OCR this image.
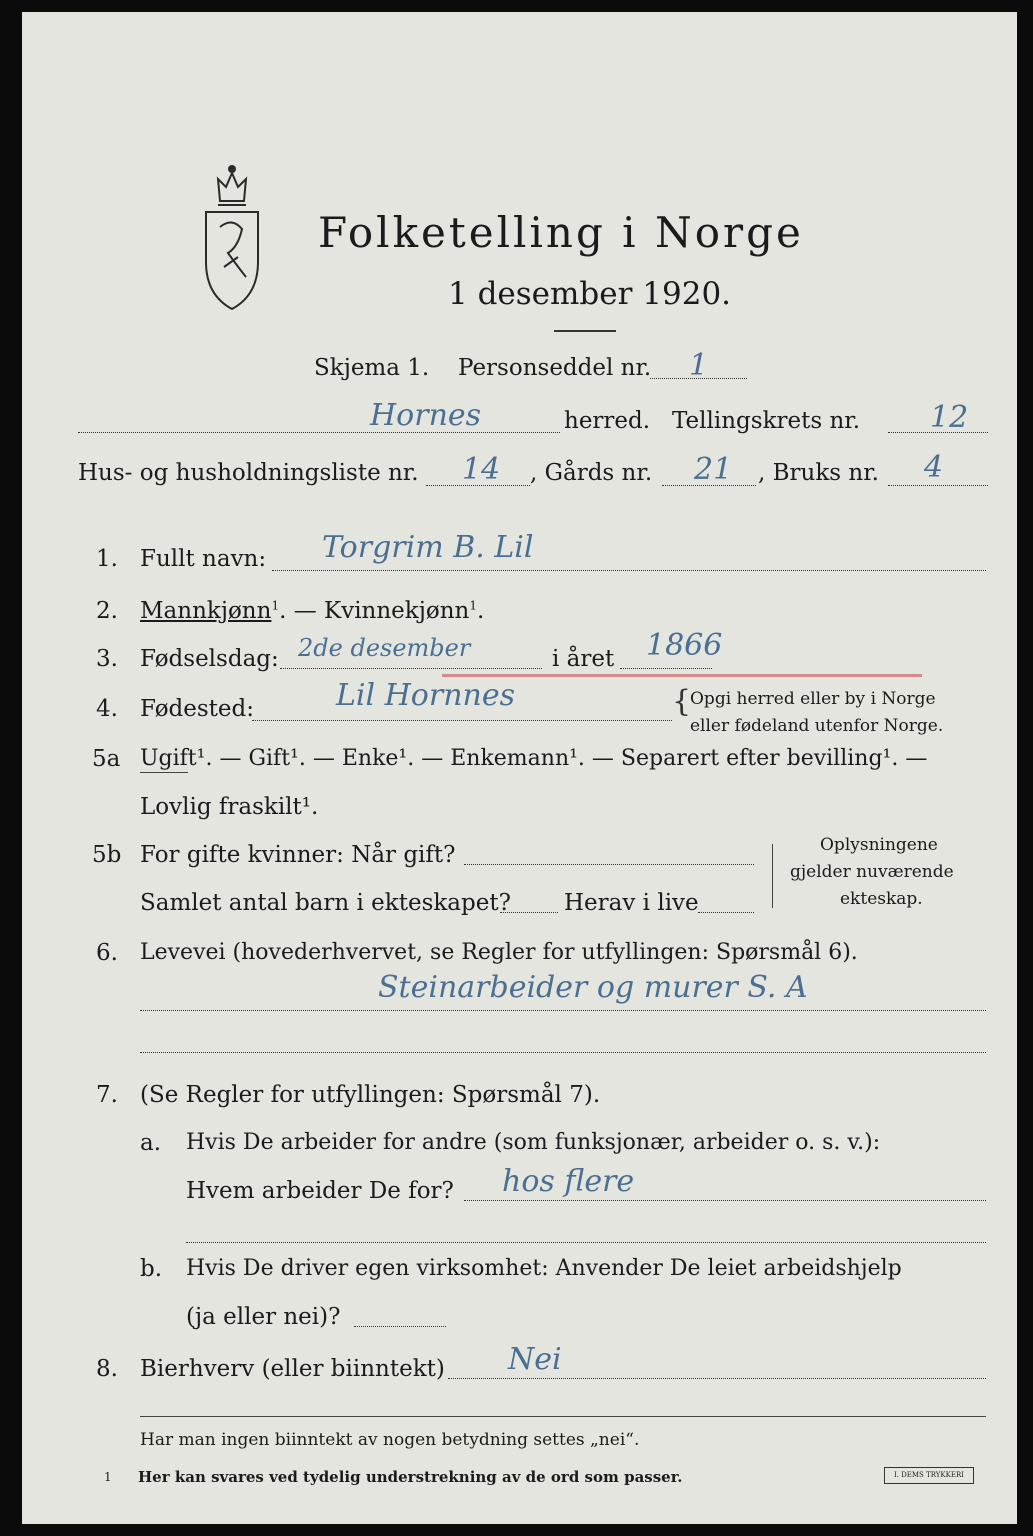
Folketelling i Norge
1 desember 1920.
Skjema 1. Personseddel nr. 1
Hornes	herred. Tellingskrets nr. 12
Hus- og husholdningsliste nr. 14 , Gårds nr. 21 , Bruks nr. 4
1. Fullt navn: Torgrim B. Lil
2. Mannkjønn$^1$. — Kvinnekjønn$^1$.
3. Fødselsdag: 2de desember	i året 1866
4. Fødested:	Lil Hornnes	{
Opgi herred eller by i Norge
eller fødeland utenfor Norge.
5a Ugift¹. — Gift¹. — Enke¹. — Enkemann¹. — Separert efter bevilling¹. —
Lovlig fraskilt¹.
5b For gifte kvinner: Når gift?
Samlet antal barn i ekteskapet? Herav i live
Oplysningene
gjelder nuværende
ekteskap.
6. Levevei (hovederhvervet, se Regler for utfyllingen: Spørsmål 6).
Steinarbeider og murer S. A
7. (Se Regler for utfyllingen: Spørsmål 7).
a. Hvis De arbeider for andre (som funksjonær, arbeider o. s. v.):
Hvem arbeider De for? hos flere
b. Hvis De driver egen virksomhet: Anvender De leiet arbeidshjelp
(ja eller nei)?
8. Bierhverv (eller biinntekt) Nei
Har man ingen biinntekt av nogen betydning settes „nei“.
1 Her kan svares ved tydelig understrekning av de ord som passer.	I. DEMS TRYKKERI
